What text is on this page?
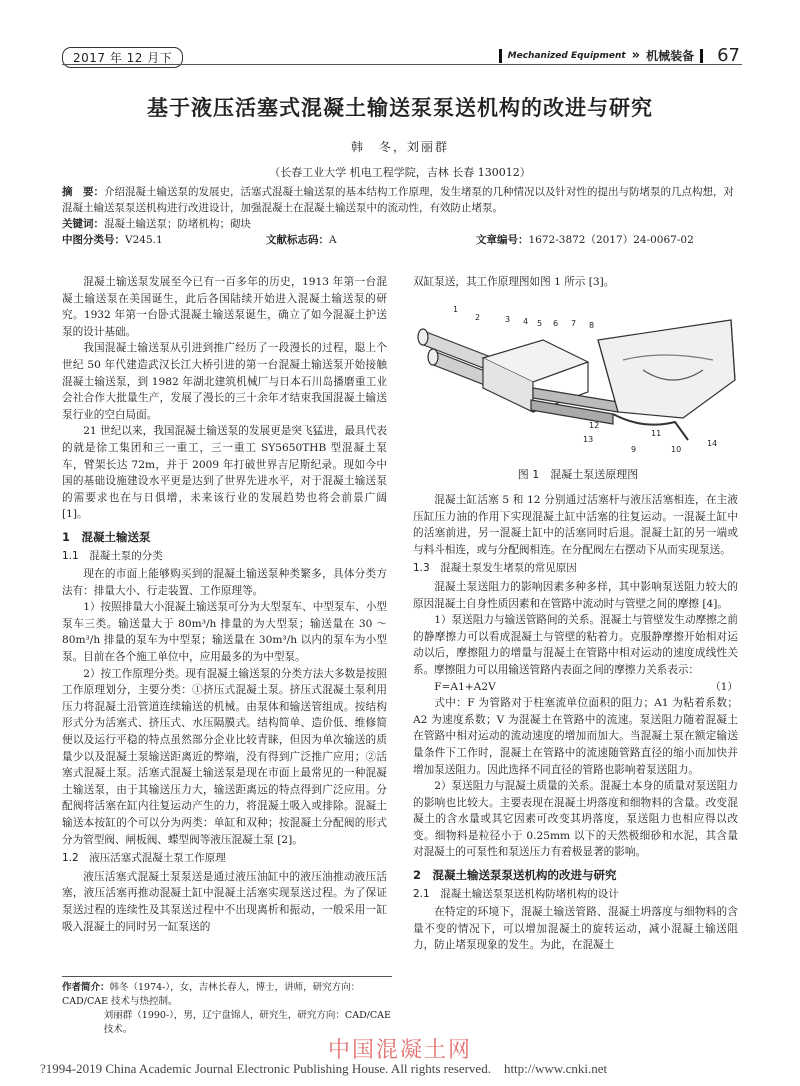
2017 年 12 月下	Mechanized Equipment » 机械装备 67
基于液压活塞式混凝土输送泵泵送机构的改进与研究
韩　冬，刘丽群
（长春工业大学 机电工程学院，吉林 长春 130012）
摘　要：介绍混凝土输送泵的发展史，活塞式混凝土输送泵的基本结构工作原理，发生堵泵的几种情况以及针对性的提出与防堵泵的几点构想，对混凝土输送泵泵送机构进行改进设计，加强混凝土在混凝土输送泵中的流动性，有效防止堵泵。
关键词：混凝土输送泵；防堵机构；砌块
中图分类号：V245.1	文献标志码：A	文章编号：1672-3872（2017）24-0067-02

混凝土输送泵发展至今已有一百多年的历史，1913 年第一台混凝土输送泵在美国诞生，此后各国陆续开始进入混凝土输送泵的研究。1932 年第一台卧式混凝土输送泵诞生，确立了如今混凝土护送泵的设计基础。

我国混凝土输送泵从引进到推广经历了一段漫长的过程，聪上个世纪 50 年代建造武汉长江大桥引进的第一台混凝土输送泵开始接触混凝土输送泵，到 1982 年湖北建筑机械厂与日本石川岛播磨重工业会社合作大批量生产，发展了漫长的三十余年才结束我国混凝土输送泵行业的空白局面。

21 世纪以来，我国混凝土输送泵的发展更是突飞猛进，最具代表的就是徐工集团和三一重工，三一重工 SY5650THB 型混凝土泵车，臂架长达 72m，并于 2009 年打破世界吉尼斯纪录。现如今中国的基础设施建设水平更是达到了世界先进水平，对于混凝土输送泵的需要求也在与日俱增，未来该行业的发展趋势也将会前景广阔 [1]。

1　混凝土输送泵
1.1　混凝土泵的分类

现在的市面上能够购买到的混凝土输送泵种类繁多，具体分类方法有：排量大小、行走装置、工作原理等。

1）按照排量大小混凝土输送泵可分为大型泵车、中型泵车、小型泵车三类。输送量大于 80m³/h 排量的为大型泵；输送量在 30 ～ 80m³/h 排量的泵车为中型泵；输送量在 30m³/h 以内的泵车为小型泵。目前在各个施工单位中，应用最多的为中型泵。

2）按工作原理分类。现有混凝土输送泵的分类方法大多数是按照工作原理划分，主要分类：①挤压式混凝土泵。挤压式混凝土泵利用压力将混凝土沿管道连续输送的机械。由泵体和输送管组成。按结构形式分为活塞式、挤压式、水压隔膜式。结构简单、造价低、维修简便以及运行平稳的特点虽然部分企业比较青睐，但因为单次输送的质量少以及混凝土泵输送距离近的弊端，没有得到广泛推广应用；②活塞式混凝土泵。活塞式混凝土输送泵是现在市面上最常见的一种混凝土输送泵，由于其输送压力大，输送距离远的特点得到广泛应用。分配阀将活塞在缸内往复运动产生的力，将混凝土吸入或排除。混凝土输送本按缸的个可以分为两类：单缸和双种；按混凝土分配阀的形式分为管型阀、闸板阀、蝶型阀等液压混凝土泵 [2]。

1.2　液压活塞式混凝土泵工作原理

液压活塞式混凝土泵泵送是通过液压油缸中的液压油推动液压活塞，液压活塞再推动混凝土缸中混凝土活塞实现泵送过程。为了保证泵送过程的连续性及其泵送过程中不出现离析和振动，一般采用一缸吸入混凝土的同时另一缸泵送的

作者简介：韩冬（1974-），女，吉林长春人，博士，讲师，研究方向：CAD/CAE 技术与热控制。
刘丽群（1990-），男，辽宁盘锦人，研究生，研究方向：CAD/CAE 技术。

双缸泵送，其工作原理图如图 1 所示 [3]。

1
2	3 4 5 6 7 8
9	10
11
12
13	14
图 1　混凝土泵送原理图

混凝土缸活塞 5 和 12 分别通过活塞杆与液压活塞相连，在主液压缸压力油的作用下实现混凝土缸中活塞的往复运动。一混凝土缸中的活塞前进，另一混凝土缸中的活塞同时后退。混凝土缸的另一端或与料斗相连，或与分配阀相连。在分配阀左右摆动下从而实现泵送。

1.3　混凝土泵发生堵泵的常见原因

混凝土泵送阻力的影响因素多种多样，其中影响泵送阻力较大的原因混凝土自身性质因素和在管路中流动时与管壁之间的摩擦 [4]。

1）泵送阻力与输送管路间的关系。混凝土与管壁发生动摩擦之前的静摩擦力可以看成混凝土与管壁的粘着力。克服静摩擦开始相对运动以后，摩擦阻力的增量与混凝土在管路中相对运动的速度成线性关系。摩擦阻力可以用输送管路内表面之间的摩擦力关系表示：

F=A1+A2V	（1）

式中：F 为管路对于柱塞流单位面积的阻力；A1 为粘着系数；A2 为速度系数；V 为混凝土在管路中的流速。泵送阻力随着混凝土在管路中相对运动的流动速度的增加而加大。当混凝土泵在额定输送量条件下工作时，混凝土在管路中的流速随管路直径的缩小而加快并增加泵送阻力。因此选择不同直径的管路也影响着泵送阻力。

2）泵送阻力与混凝土质量的关系。混凝土本身的质量对泵送阻力的影响也比较大。主要表现在混凝土坍落度和细物料的含量。改变混凝土的含水量或其它因素可改变其坍落度，泵送阻力也相应得以改变。细物料是粒径小于 0.25mm 以下的天然极细砂和水泥，其含量对混凝土的可泵性和泵送压力有着极显著的影响。

2　混凝土输送泵泵送机构的改进与研究
2.1　混凝土输送泵泵送机构防堵机构的设计

在特定的环境下，混凝土输送管路、混凝土坍落度与细物料的含量不变的情况下，可以增加混凝土的旋转运动，减小混凝土输送阻力，防止堵泵现象的发生。为此，在混凝土

中国混凝土网
?1994-2019 China Academic Journal Electronic Publishing House. All rights reserved.　http://www.cnki.net
